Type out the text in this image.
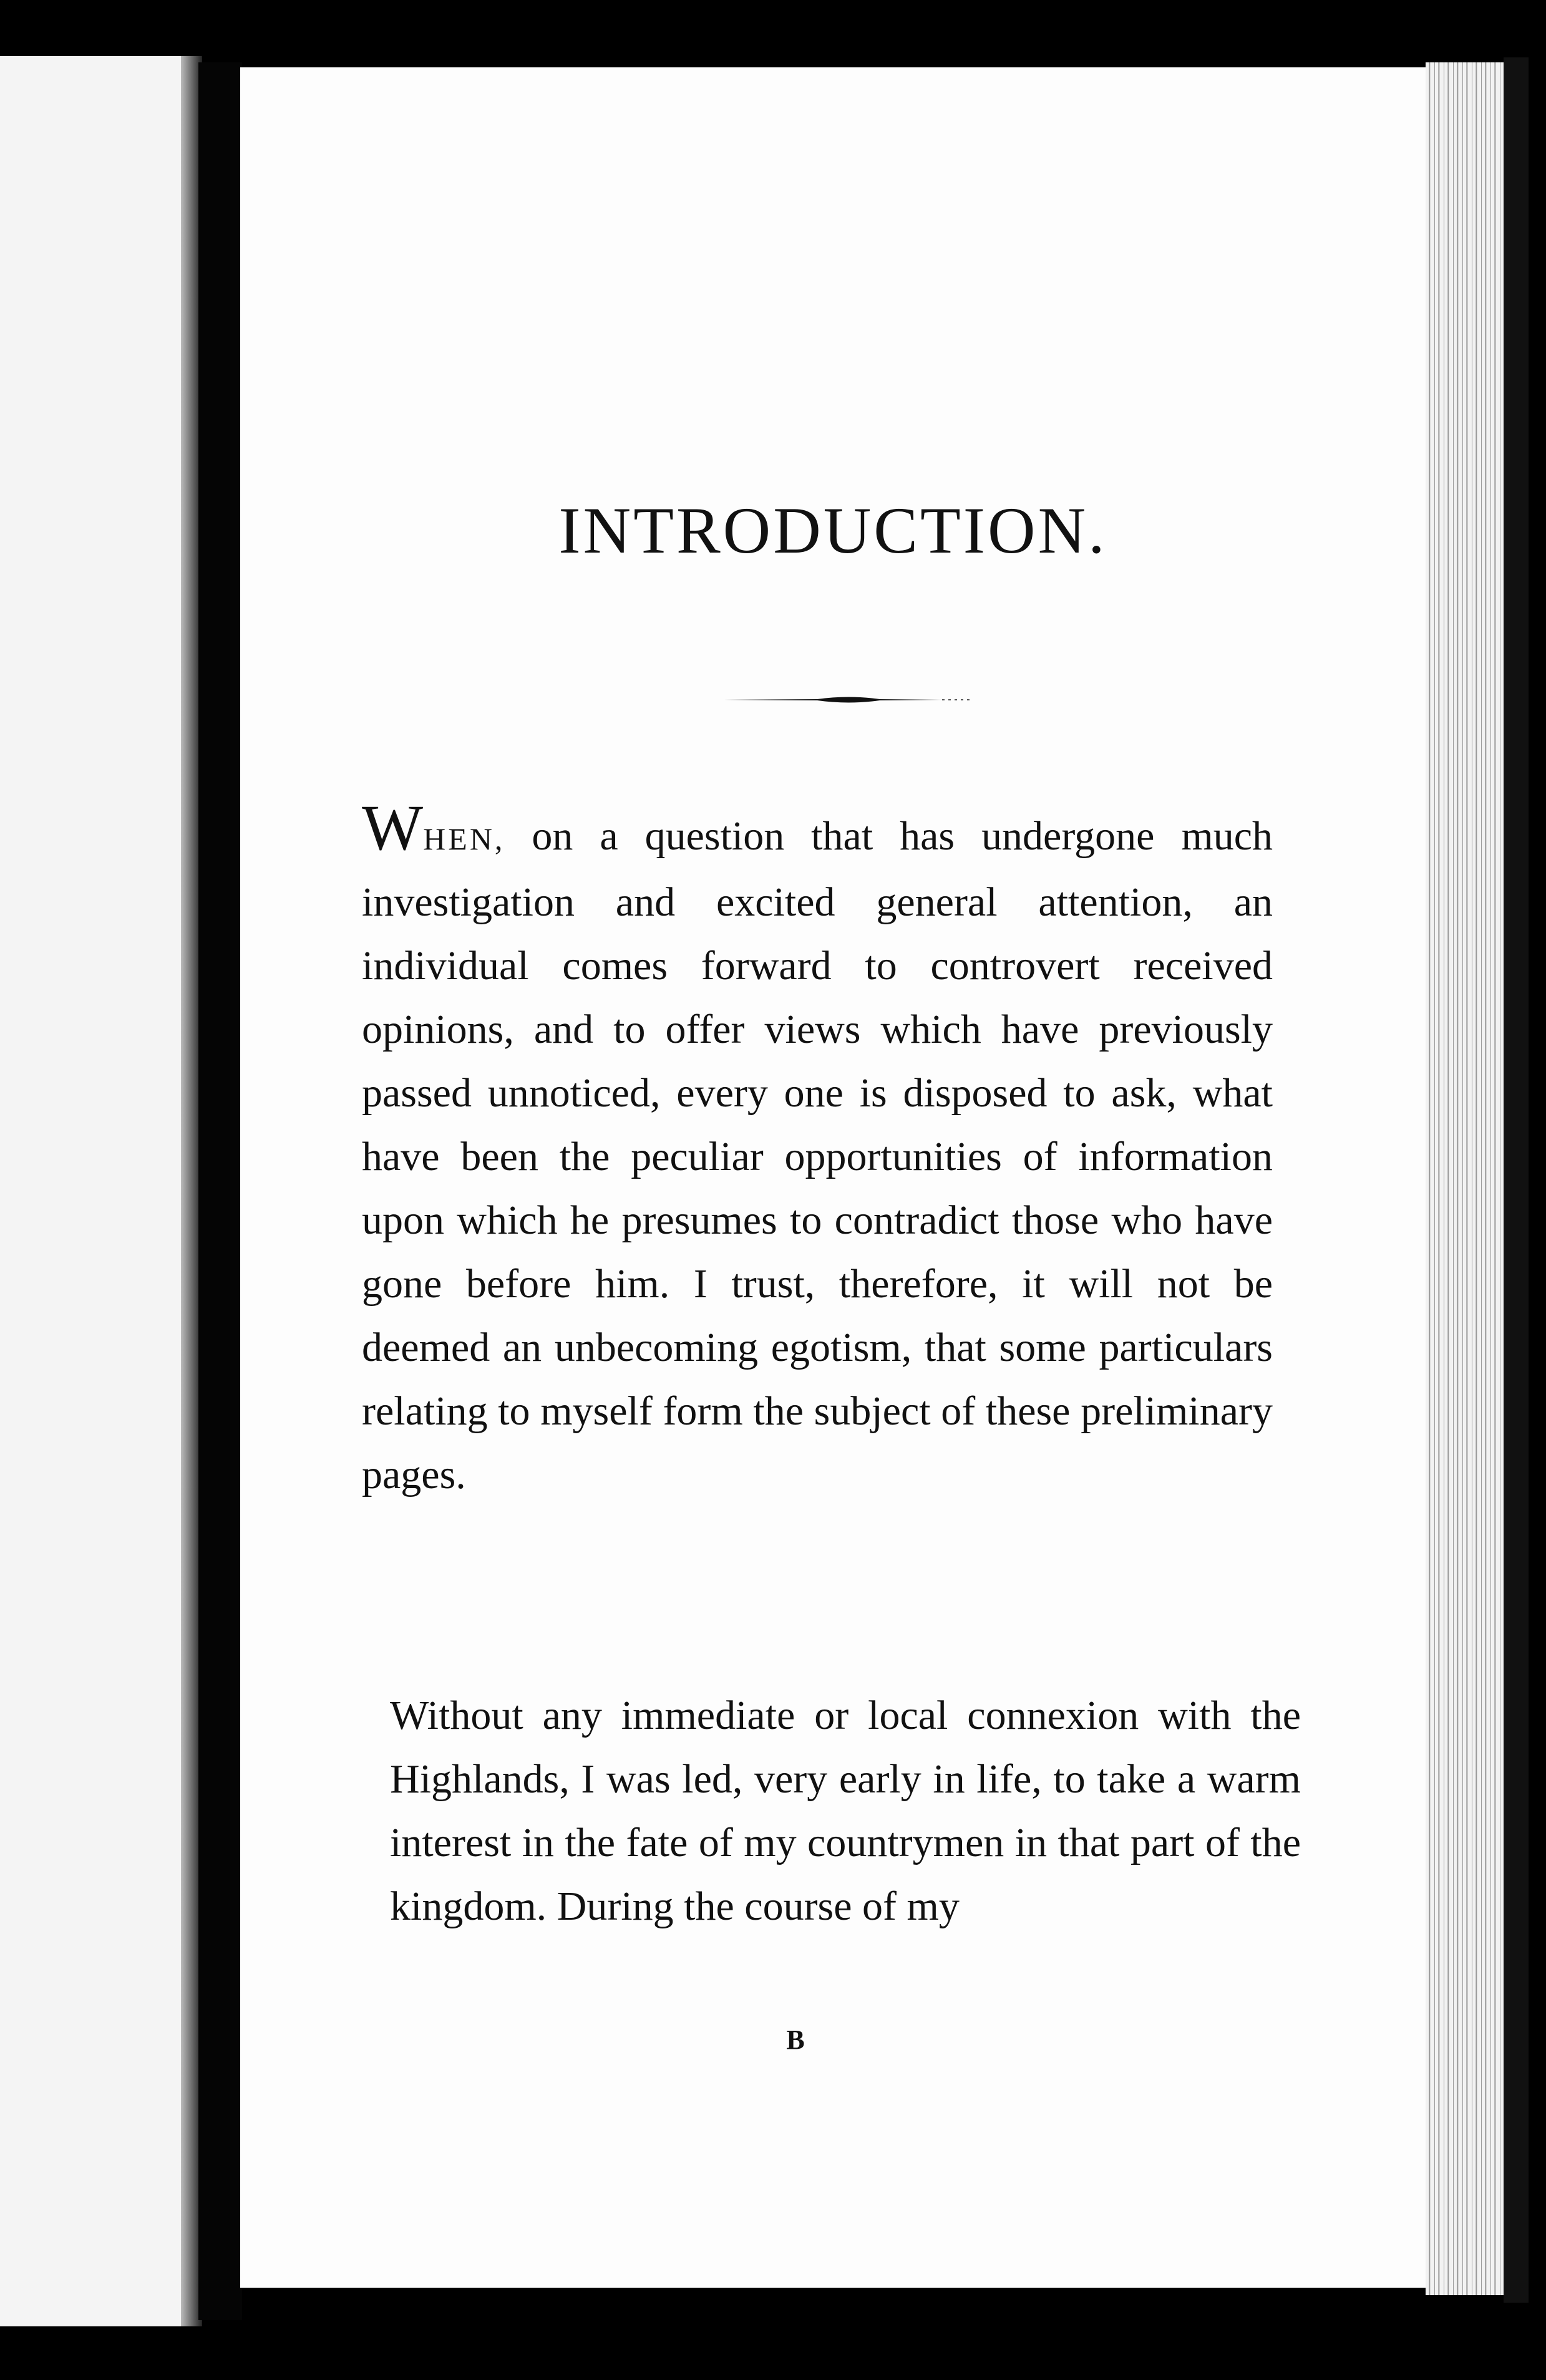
INTRODUCTION.

WHEN, on a question that has undergone much investigation and excited general attention, an individual comes forward to controvert received opinions, and to offer views which have previously passed unnoticed, every one is disposed to ask, what have been the peculiar opportunities of information upon which he presumes to contradict those who have gone before him. I trust, therefore, it will not be deemed an unbecoming egotism, that some particulars relating to myself form the subject of these preliminary pages.

Without any immediate or local connexion with the Highlands, I was led, very early in life, to take a warm interest in the fate of my countrymen in that part of the kingdom. During the course of my

B
